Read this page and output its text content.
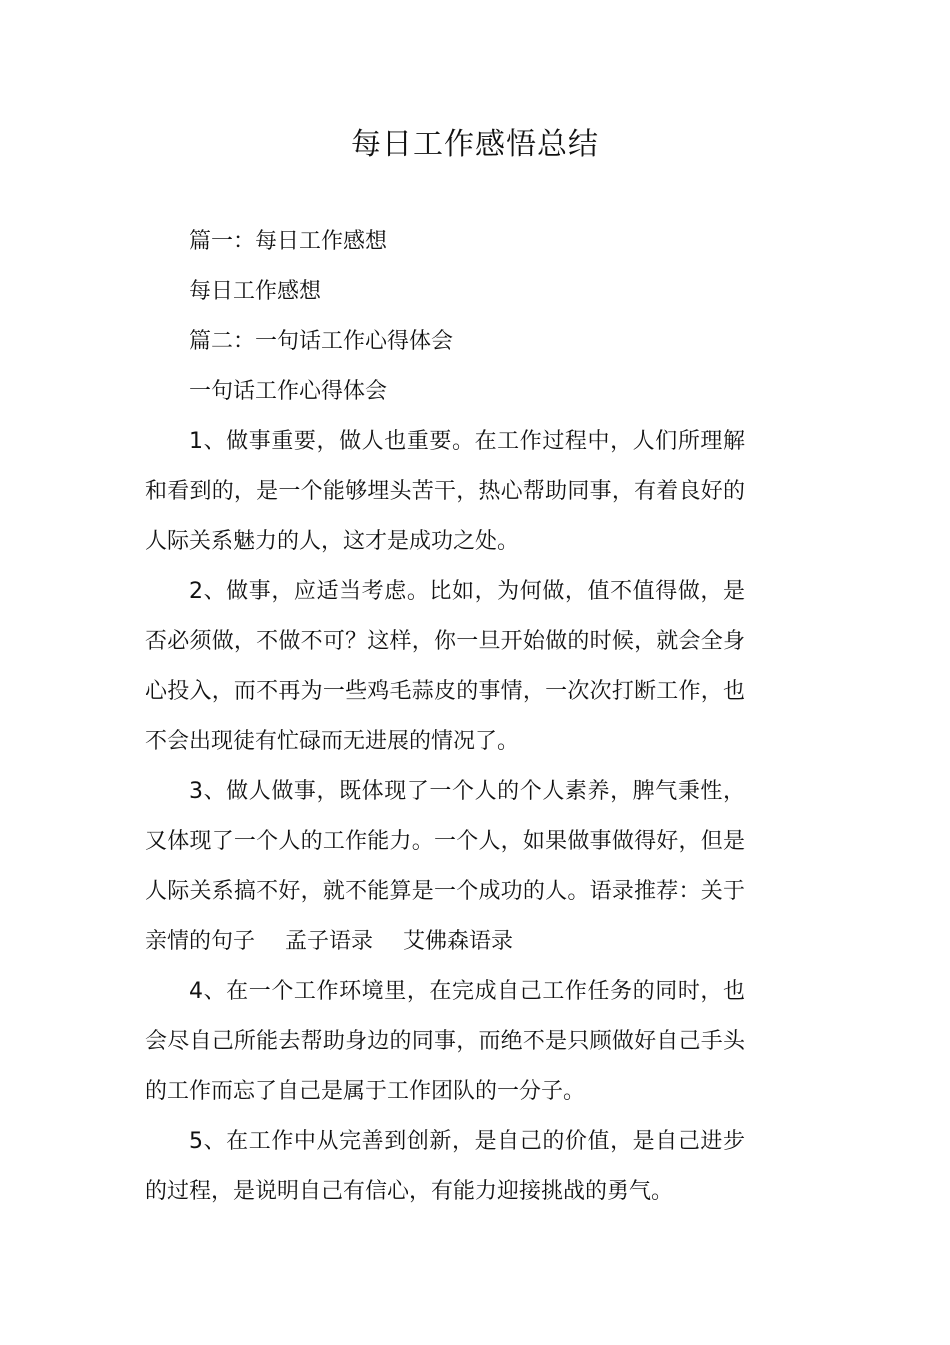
每日工作感悟总结

篇一：每日工作感想

每日工作感想

篇二：一句话工作心得体会

一句话工作心得体会

1、做事重要，做人也重要。在工作过程中，人们所理解和看到的，是一个能够埋头苦干，热心帮助同事，有着良好的人际关系魅力的人，这才是成功之处。

2、做事，应适当考虑。比如，为何做，值不值得做，是否必须做，不做不可？这样，你一旦开始做的时候，就会全身心投入，而不再为一些鸡毛蒜皮的事情，一次次打断工作，也不会出现徒有忙碌而无进展的情况了。

3、做人做事，既体现了一个人的个人素养，脾气秉性，又体现了一个人的工作能力。一个人，如果做事做得好，但是人际关系搞不好，就不能算是一个成功的人。语录推荐：关于亲情的句子 孟子语录 艾佛森语录

4、在一个工作环境里，在完成自己工作任务的同时，也会尽自己所能去帮助身边的同事，而绝不是只顾做好自己手头的工作而忘了自己是属于工作团队的一分子。

5、在工作中从完善到创新，是自己的价值，是自己进步的过程，是说明自己有信心，有能力迎接挑战的勇气。
